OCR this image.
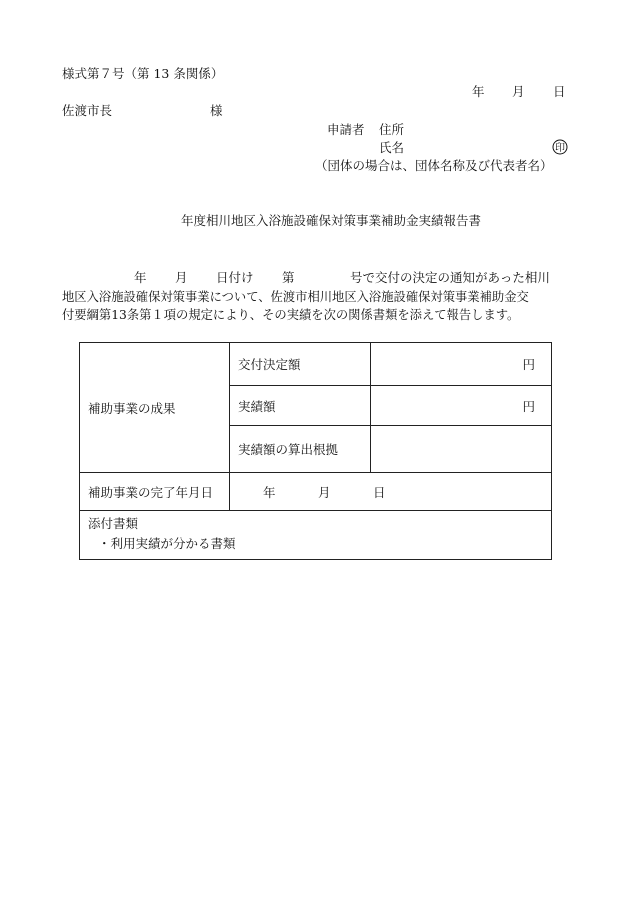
様式第７号（第 13 条関係）
年 月 日
佐渡市長	様
申請者 住所
氏名	印
（団体の場合は、団体名称及び代表者名）
年度相川地区入浴施設確保対策事業補助金実績報告書
年 月 日付け 第	号で交付の決定の通知があった相川
地区入浴施設確保対策事業について、佐渡市相川地区入浴施設確保対策事業補助金交
付要綱第13条第１項の規定により、その実績を次の関係書類を添えて報告します。
補助事業の成果	交付決定額	円
	実績額	円
	実績額の算出根拠	
補助事業の完了年月日	年 月 日	

添付書類
・利用実績が分かる書類		
